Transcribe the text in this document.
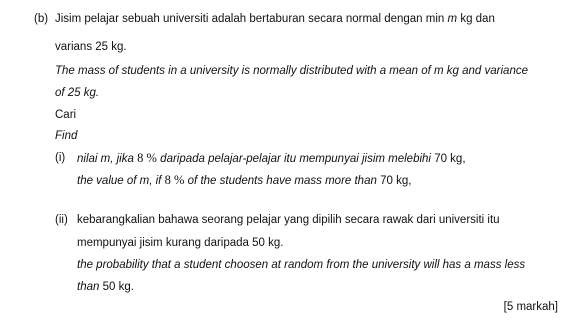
(b) Jisim pelajar sebuah universiti adalah bertaburan secara normal dengan min m kg dan
varians 25 kg.
The mass of students in a university is normally distributed with a mean of m kg and variance
of 25 kg.
Cari
Find
(i) nilai m, jika 8 % daripada pelajar-pelajar itu mempunyai jisim melebihi 70 kg,
the value of m, if 8 % of the students have mass more than 70 kg,
(ii) kebarangkalian bahawa seorang pelajar yang dipilih secara rawak dari universiti itu
mempunyai jisim kurang daripada 50 kg.
the probability that a student choosen at random from the university will has a mass less
than 50 kg.
[5 markah]
